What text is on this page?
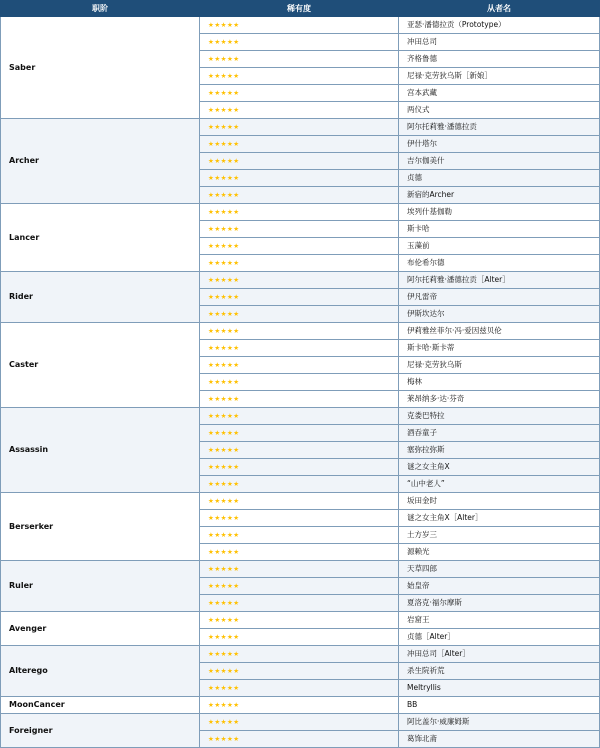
职阶	稀有度	从者名
Saber	★★★★★	亚瑟·潘德拉贡（Prototype）
	★★★★★	冲田总司
	★★★★★	齐格鲁德
	★★★★★	尼禄·克劳狄乌斯［新娘］
	★★★★★	宫本武藏
	★★★★★	两仪式
Archer	★★★★★	阿尔托莉雅·潘德拉贡
	★★★★★	伊什塔尔
	★★★★★	吉尔伽美什
	★★★★★	贞德
	★★★★★	新宿的Archer
Lancer	★★★★★	埃列什基伽勒
	★★★★★	斯卡哈
	★★★★★	玉藻前
	★★★★★	布伦希尔德
Rider	★★★★★	阿尔托莉雅·潘德拉贡［Alter］
	★★★★★	伊凡雷帝
	★★★★★	伊斯坎达尔
Caster	★★★★★	伊莉雅丝菲尔·冯·爱因兹贝伦
	★★★★★	斯卡哈·斯卡蒂
	★★★★★	尼禄·克劳狄乌斯
	★★★★★	梅林
	★★★★★	莱昂纳多·达·芬奇
Assassin	★★★★★	克娄巴特拉
	★★★★★	酒吞童子
	★★★★★	塞弥拉弥斯
	★★★★★	谜之女主角X
	★★★★★	“山中老人”
Berserker	★★★★★	坂田金时
	★★★★★	谜之女主角X［Alter］
	★★★★★	土方岁三
	★★★★★	源赖光
Ruler	★★★★★	天草四郎
	★★★★★	始皇帝
	★★★★★	夏洛克·福尔摩斯
Avenger	★★★★★	岩窟王
	★★★★★	贞德［Alter］
Alterego	★★★★★	冲田总司［Alter］
	★★★★★	杀生院祈荒
	★★★★★	Meltryllis
MoonCancer	★★★★★	BB
Foreigner	★★★★★	阿比盖尔·威廉姆斯
	★★★★★	葛饰北斋
